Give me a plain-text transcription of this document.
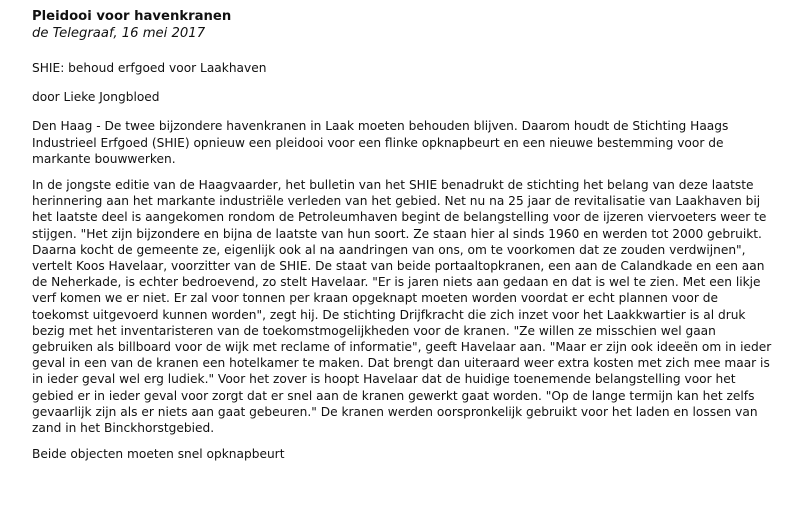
Pleidooi voor havenkranen
de Telegraaf, 16 mei 2017

SHIE: behoud erfgoed voor Laakhaven

door Lieke Jongbloed

Den Haag - De twee bijzondere havenkranen in Laak moeten behouden blijven. Daarom houdt de Stichting Haags Industrieel Erfgoed (SHIE) opnieuw een pleidooi voor een flinke opknapbeurt en een nieuwe bestemming voor de markante bouwwerken.

In de jongste editie van de Haagvaarder, het bulletin van het SHIE benadrukt de stichting het belang van deze laatste herinnering aan het markante industriële verleden van het gebied. Net nu na 25 jaar de revitalisatie van Laakhaven bij het laatste deel is aangekomen rondom de Petroleumhaven begint de belangstelling voor de ijzeren viervoeters weer te stijgen. "Het zijn bijzondere en bijna de laatste van hun soort. Ze staan hier al sinds 1960 en werden tot 2000 gebruikt. Daarna kocht de gemeente ze, eigenlijk ook al na aandringen van ons, om te voorkomen dat ze zouden verdwijnen", vertelt Koos Havelaar, voorzitter van de SHIE. De staat van beide portaaltopkranen, een aan de Calandkade en een aan de Neherkade, is echter bedroevend, zo stelt Havelaar. "Er is jaren niets aan gedaan en dat is wel te zien. Met een likje verf komen we er niet. Er zal voor tonnen per kraan opgeknapt moeten worden voordat er echt plannen voor de toekomst uitgevoerd kunnen worden", zegt hij. De stichting Drijfkracht die zich inzet voor het Laakkwartier is al druk bezig met het inventaristeren van de toekomstmogelijkheden voor de kranen. "Ze willen ze misschien wel gaan gebruiken als billboard voor de wijk met reclame of informatie", geeft Havelaar aan. "Maar er zijn ook ideeën om in ieder geval in een van de kranen een hotelkamer te maken. Dat brengt dan uiteraard weer extra kosten met zich mee maar is in ieder geval wel erg ludiek." Voor het zover is hoopt Havelaar dat de huidige toenemende belangstelling voor het gebied er in ieder geval voor zorgt dat er snel aan de kranen gewerkt gaat worden. "Op de lange termijn kan het zelfs gevaarlijk zijn als er niets aan gaat gebeuren." De kranen werden oorspronkelijk gebruikt voor het laden en lossen van zand in het Binckhorstgebied.

Beide objecten moeten snel opknapbeurt
